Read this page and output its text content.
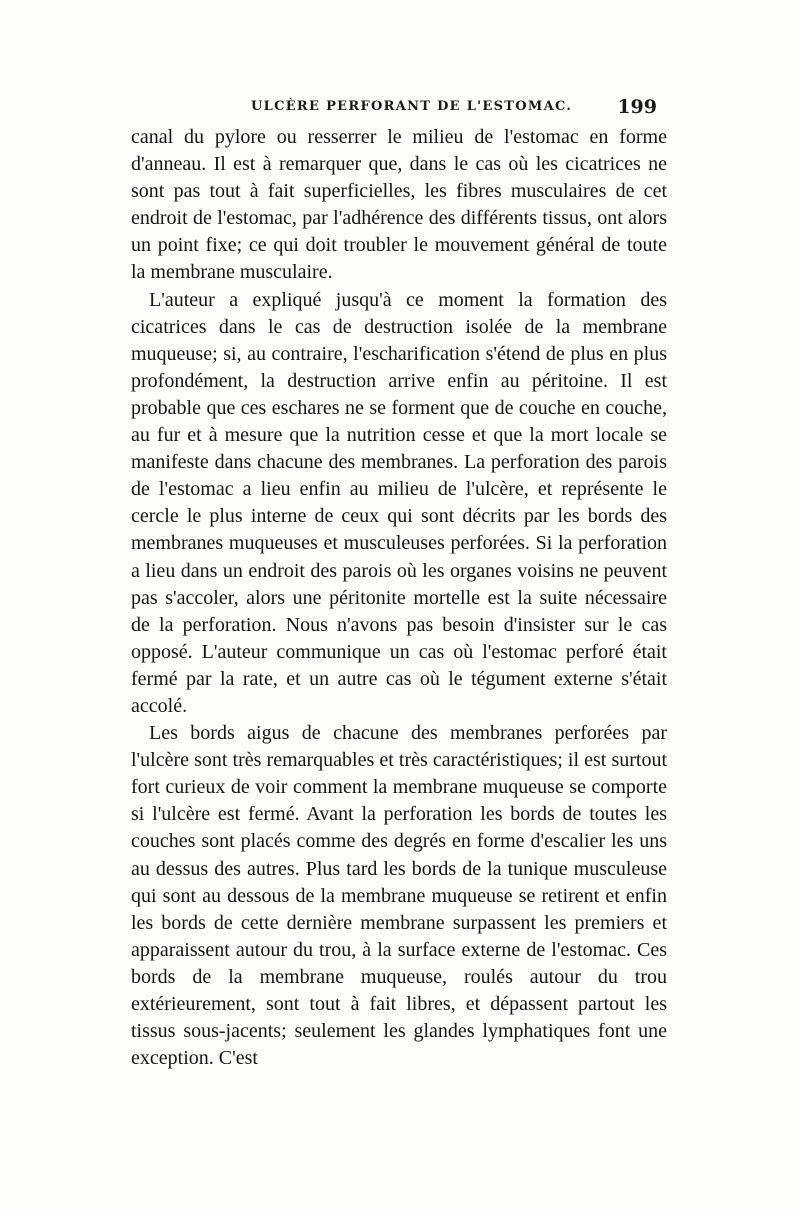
ULCÈRE PERFORANT DE L'ESTOMAC. 199

canal du pylore ou resserrer le milieu de l'estomac en forme d'anneau. Il est à remarquer que, dans le cas où les cicatrices ne sont pas tout à fait superficielles, les fibres musculaires de cet endroit de l'estomac, par l'adhérence des différents tissus, ont alors un point fixe; ce qui doit troubler le mouvement général de toute la membrane musculaire.

L'auteur a expliqué jusqu'à ce moment la formation des cicatrices dans le cas de destruction isolée de la membrane muqueuse; si, au contraire, l'escharification s'étend de plus en plus profondément, la destruction arrive enfin au péritoine. Il est probable que ces eschares ne se forment que de couche en couche, au fur et à mesure que la nutrition cesse et que la mort locale se manifeste dans chacune des membranes. La perforation des parois de l'estomac a lieu enfin au milieu de l'ulcère, et représente le cercle le plus interne de ceux qui sont décrits par les bords des membranes muqueuses et musculeuses perforées. Si la perforation a lieu dans un endroit des parois où les organes voisins ne peuvent pas s'accoler, alors une péritonite mortelle est la suite nécessaire de la perforation. Nous n'avons pas besoin d'insister sur le cas opposé. L'auteur communique un cas où l'estomac perforé était fermé par la rate, et un autre cas où le tégument externe s'était accolé.

Les bords aigus de chacune des membranes perforées par l'ulcère sont très remarquables et très caractéristiques; il est surtout fort curieux de voir comment la membrane muqueuse se comporte si l'ulcère est fermé. Avant la perforation les bords de toutes les couches sont placés comme des degrés en forme d'escalier les uns au dessus des autres. Plus tard les bords de la tunique musculeuse qui sont au dessous de la membrane muqueuse se retirent et enfin les bords de cette dernière membrane surpassent les premiers et apparaissent autour du trou, à la surface externe de l'estomac. Ces bords de la membrane muqueuse, roulés autour du trou extérieurement, sont tout à fait libres, et dépassent partout les tissus sous-jacents; seulement les glandes lymphatiques font une exception. C'est
